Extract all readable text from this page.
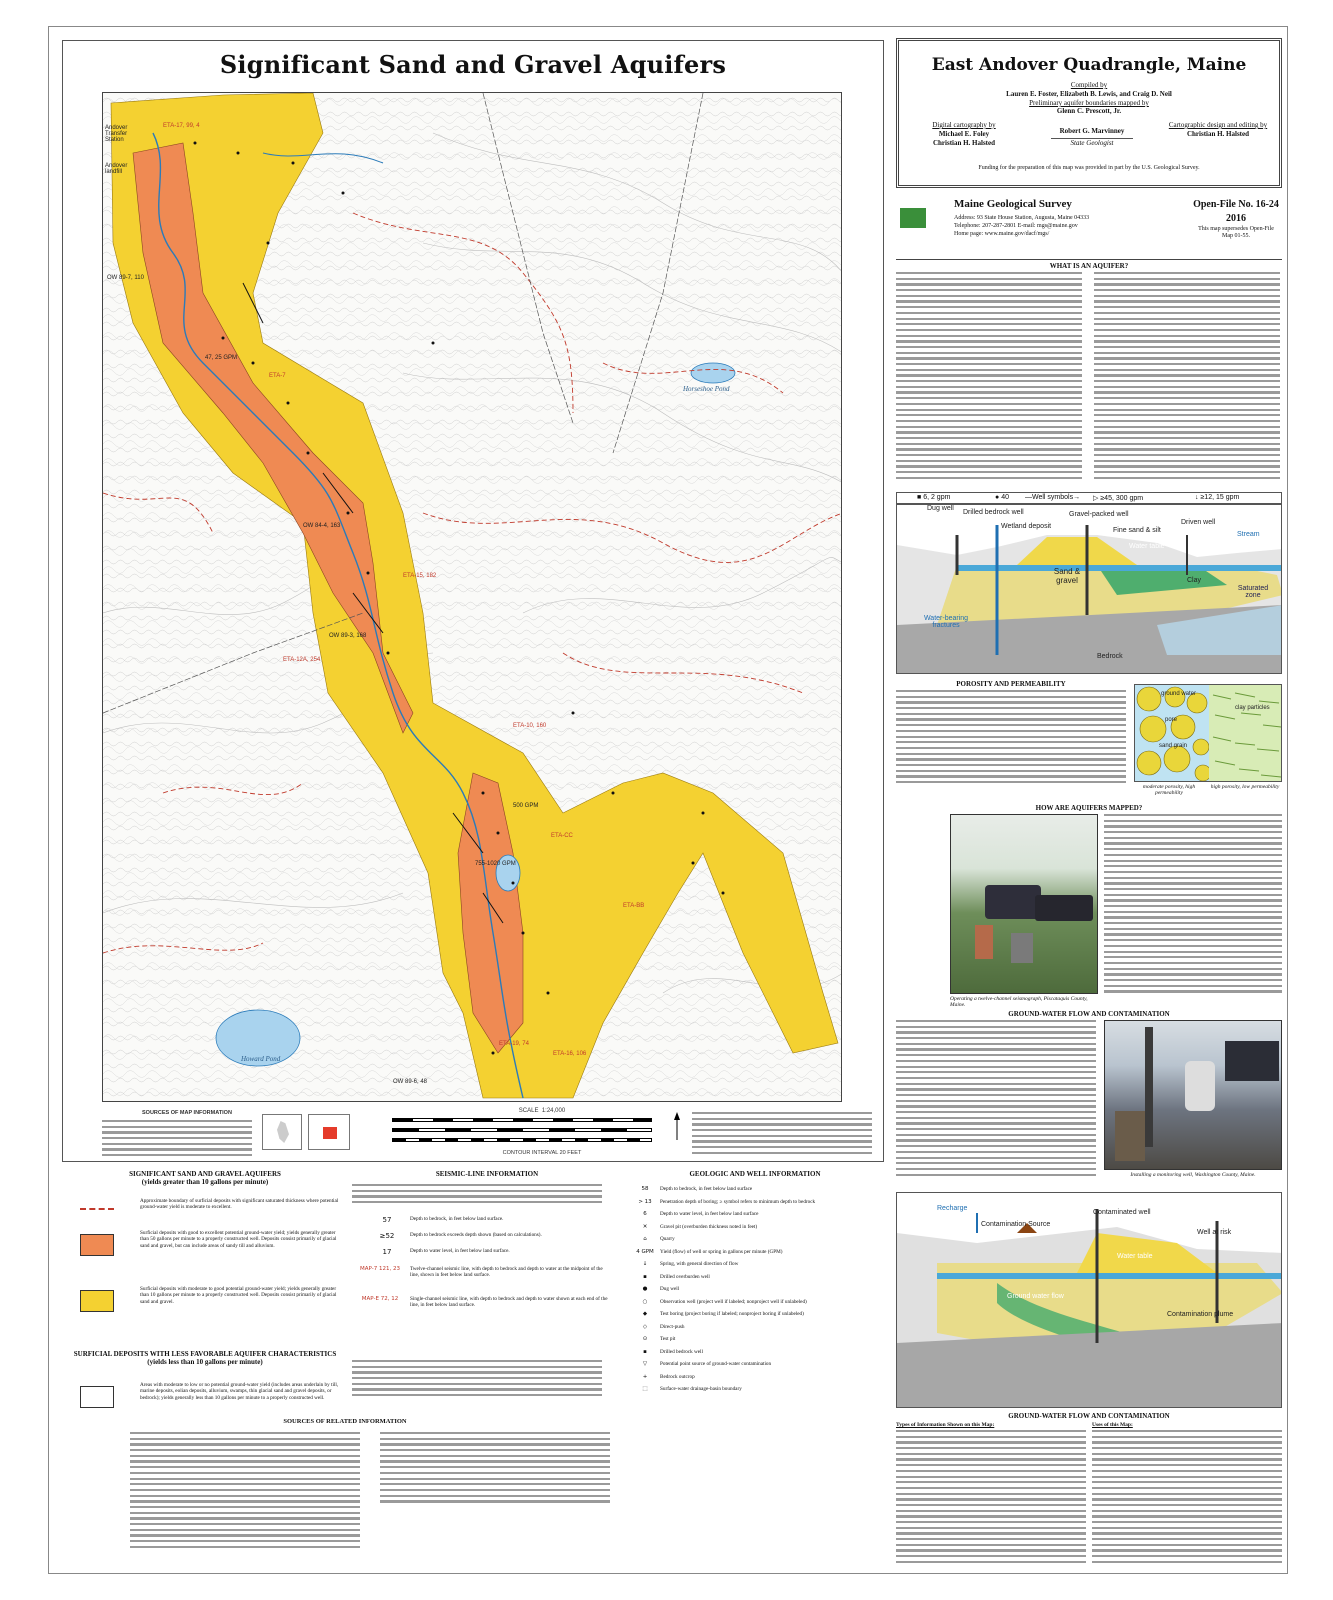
Significant Sand and Gravel Aquifers
Andover Transfer Station
Andover landfill
Horseshoe Pond
Howard Pond
ETA-17, 99, 4
OW 89-7, 110
47, 25 GPM
ETA-7
OW 84-4, 163
OW 89-3, 168
ETA-12A, 254
ETA-15, 182
ETA-10, 160
500 GPM
755-1020 GPM
ETA-BB
ETA-CC
OW 89-6, 48
ETA-19, 74
ETA-16, 106
SOURCES OF MAP INFORMATION	SCALE 1:24,000
CONTOUR INTERVAL 20 FEET
East Andover Quadrangle, Maine
Compiled by
Lauren E. Foster, Elizabeth B. Lewis, and Craig D. Neil
Preliminary aquifer boundaries mapped by
Glenn C. Prescott, Jr.
Digital cartography by
Michael E. Foley
Christian H. Halsted
Robert G. Marvinney
State Geologist
Cartographic design and editing by
Christian H. Halsted
Funding for the preparation of this map was provided in part by the U.S. Geological Survey.
Maine Geological Survey
Address: 93 State House Station, Augusta, Maine 04333
Telephone: 207-287-2801 E-mail: mgs@maine.gov
Home page: www.maine.gov/dacf/mgs/
Open-File No. 16-24
2016
This map supersedes Open-File Map 01-55.
WHAT IS AN AQUIFER?
■ 6, 2 gpm	● 40 —Well symbols→ ▷ ≥45, 300 gpm	↓ ≥12, 15 gpm
Dug well
Drilled bedrock well
Wetland deposit
Gravel-packed well
Fine sand & silt
Driven well
Stream
Water table
Sand & gravel	Clay
Saturated zone
Water-bearing fractures
Bedrock
POROSITY AND PERMEABILITY
ground water
pore
sand grain
clay particles
moderate porosity, high permeability
high porosity, low permeability
HOW ARE AQUIFERS MAPPED?
Operating a twelve-channel seismograph, Piscataquis County, Maine.
GROUND-WATER FLOW AND CONTAMINATION
Installing a monitoring well, Washington County, Maine.
Recharge
Contamination Source
Contaminated well
Well at risk
Water table
Ground water flow
Contamination plume
GROUND-WATER FLOW AND CONTAMINATION
Types of Information Shown on this Map:	Uses of this Map:
SIGNIFICANT SAND AND GRAVEL AQUIFERS
(yields greater than 10 gallons per minute)
Approximate boundary of surficial deposits with significant saturated thickness where potential ground-water yield is moderate to excellent.
Surficial deposits with good to excellent potential ground-water yield; yields generally greater than 50 gallons per minute to a properly constructed well. Deposits consist primarily of glacial sand and gravel, but can include areas of sandy till and alluvium.
Surficial deposits with moderate to good potential ground-water yield; yields generally greater than 10 gallons per minute to a properly constructed well. Deposits consist primarily of glacial sand and gravel.
SURFICIAL DEPOSITS WITH LESS FAVORABLE AQUIFER CHARACTERISTICS
(yields less than 10 gallons per minute)
Areas with moderate to low or no potential ground-water yield (includes areas underlain by till, marine deposits, eolian deposits, alluvium, swamps, thin glacial sand and gravel deposits, or bedrock); yields generally less than 10 gallons per minute to a properly constructed well.
SEISMIC-LINE INFORMATION
57	Depth to bedrock, in feet below land surface.
≥52	Depth to bedrock exceeds depth shown (based on calculations).
17	Depth to water level, in feet below land surface.
MAP-7 121, 23	Twelve-channel seismic line, with depth to bedrock and depth to water at the midpoint of the line, shown in feet below land surface.
MAP-E 72, 12	Single-channel seismic line, with depth to bedrock and depth to water shown at each end of the line, in feet below land surface.
GEOLOGIC AND WELL INFORMATION
58	Depth to bedrock, in feet below land surface
> 13	Penetration depth of boring; ≥ symbol refers to minimum depth to bedrock
6	Depth to water level, in feet below land surface
✕	Gravel pit (overburden thickness noted in feet)
⌂	Quarry
4 GPM	Yield (flow) of well or spring in gallons per minute (GPM)
↓	Spring, with general direction of flow
▪	Drilled overburden well
●	Dug well
○	Observation well (project well if labeled; nonproject well if unlabeled)
◆	Test boring (project boring if labeled; nonproject boring if unlabeled)
◇	Direct-push
⊙	Test pit
▪	Drilled bedrock well
▽	Potential point source of ground-water contamination
+	Bedrock outcrop
⬚	Surface-water drainage-basin boundary
SOURCES OF RELATED INFORMATION
